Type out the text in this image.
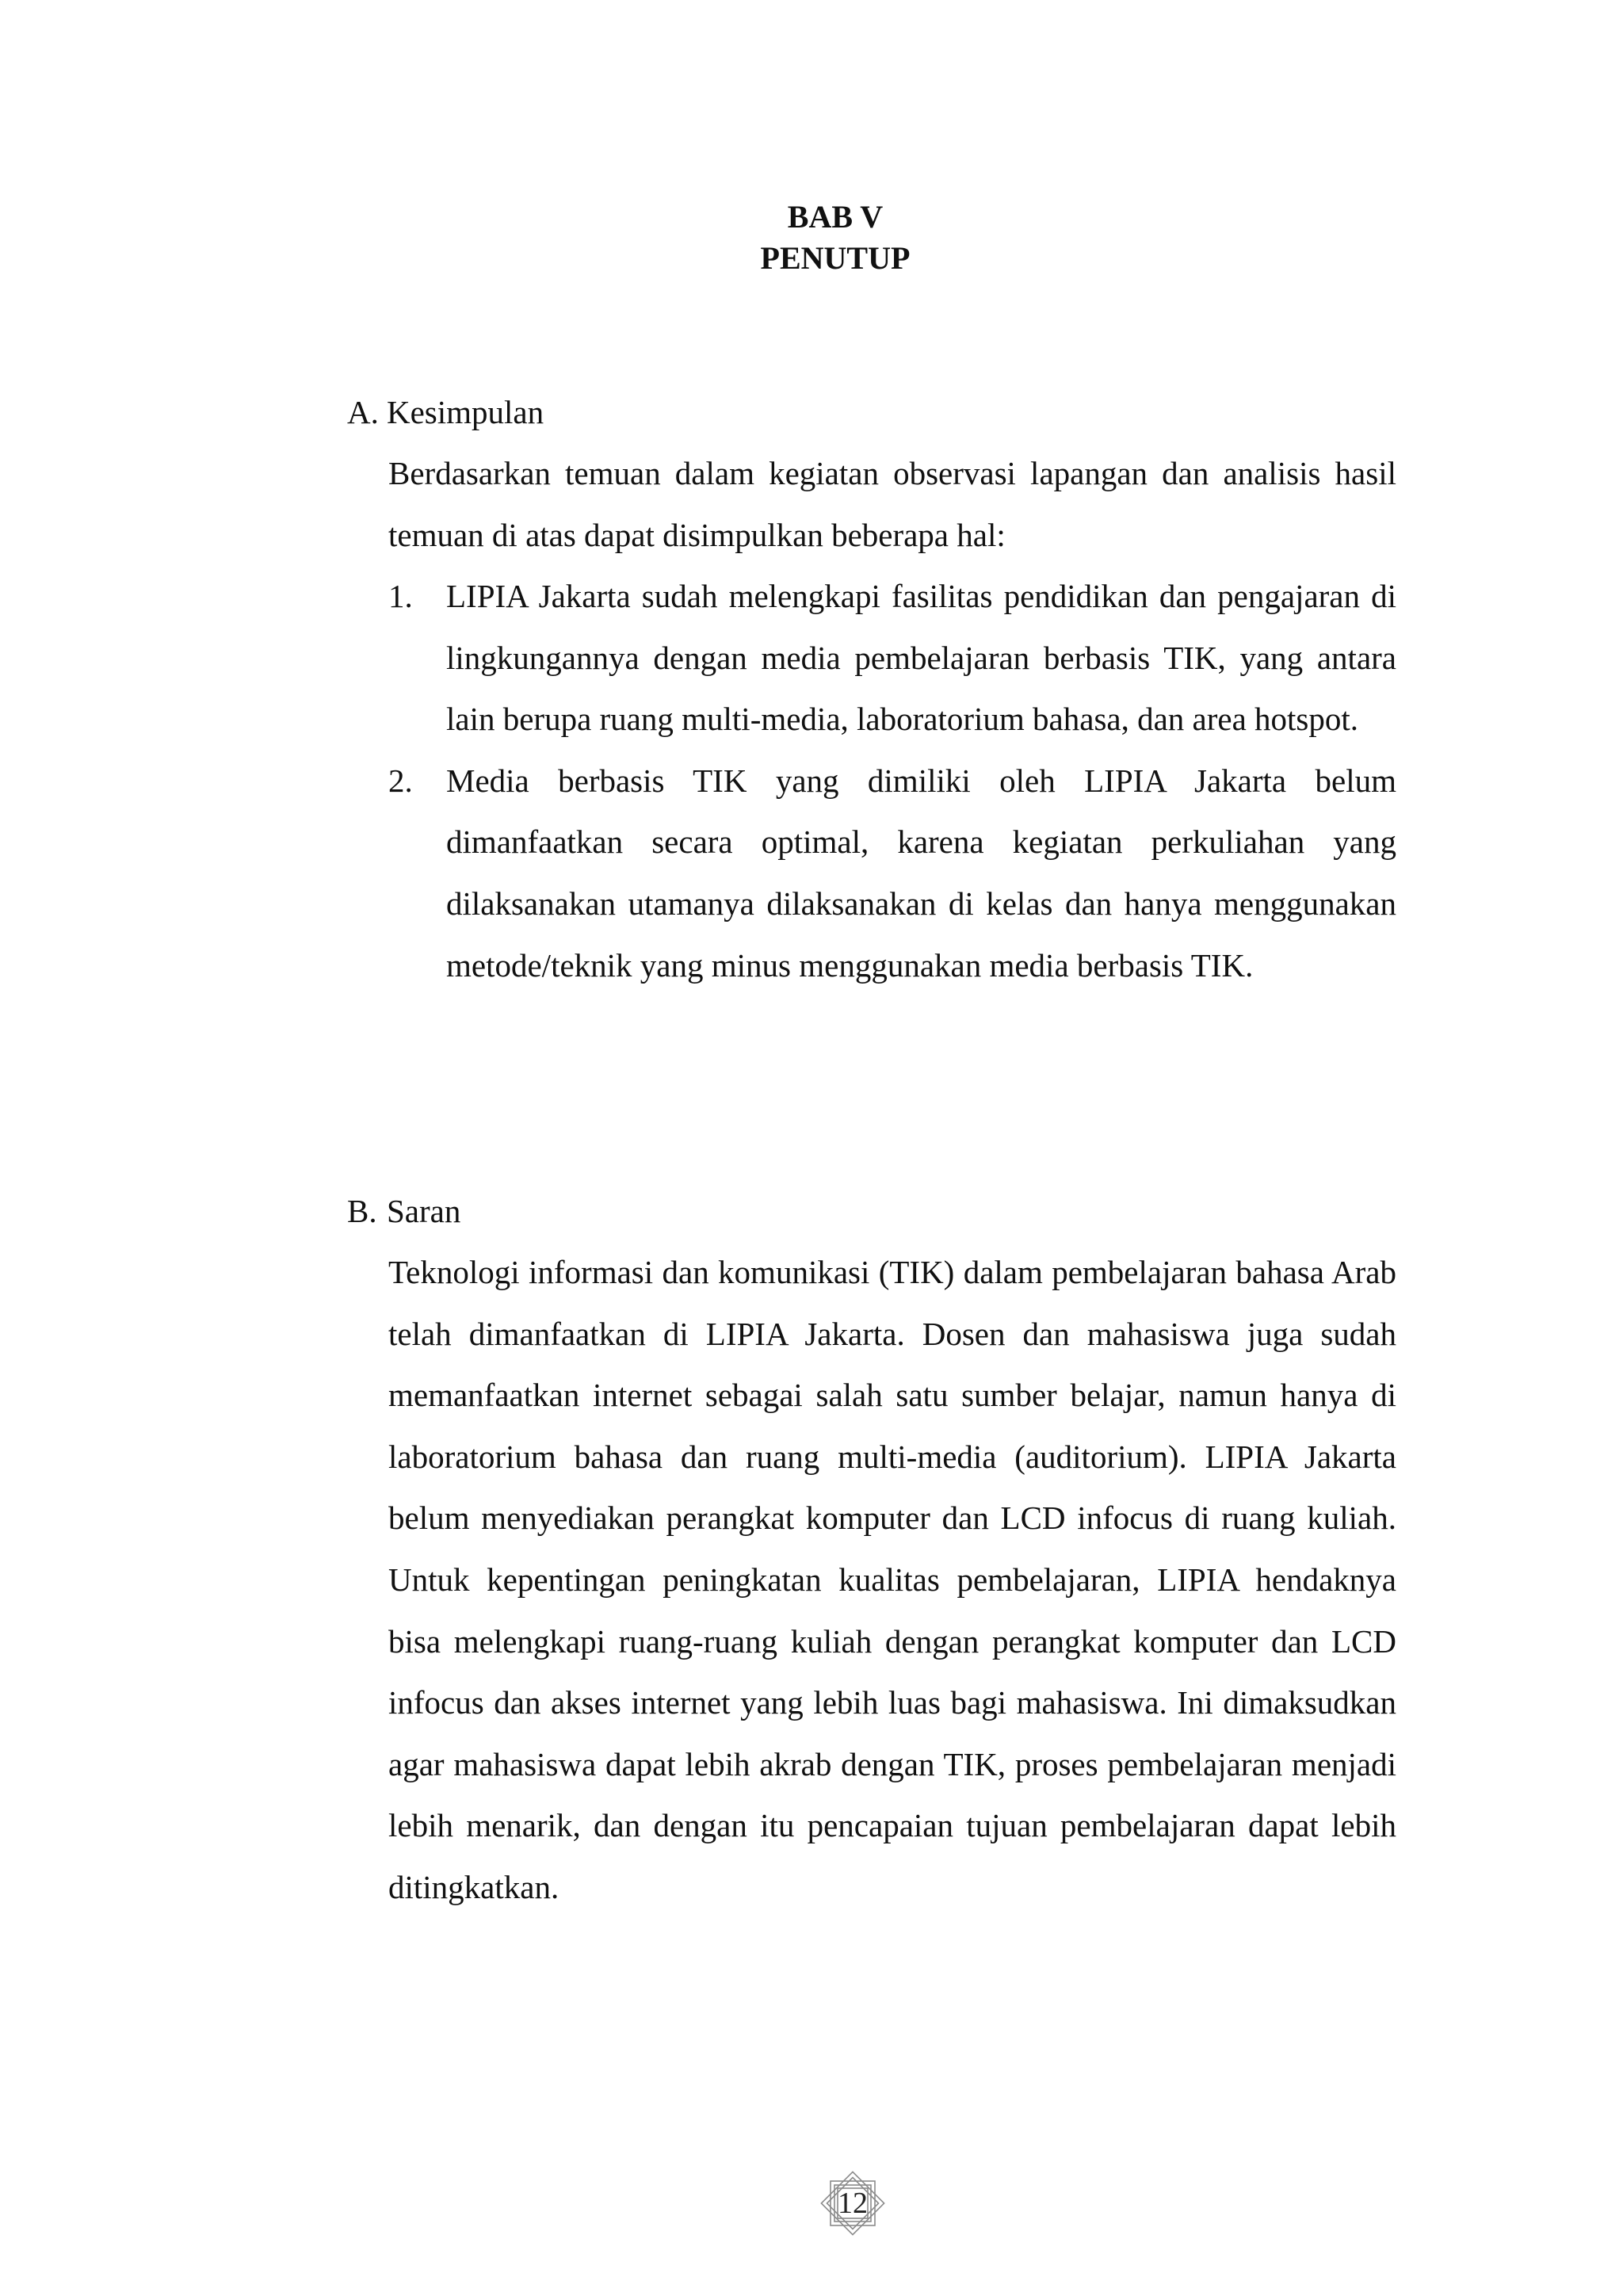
BAB V
PENUTUP
A. Kesimpulan

Berdasarkan temuan dalam kegiatan observasi lapangan dan analisis hasil temuan di atas dapat disimpulkan beberapa hal:

1. LIPIA Jakarta sudah melengkapi fasilitas pendidikan dan pengajaran di lingkungannya dengan media pembelajaran berbasis TIK, yang antara lain berupa ruang multi-media, laboratorium bahasa, dan area hotspot.
2. Media berbasis TIK yang dimiliki oleh LIPIA Jakarta belum dimanfaatkan secara optimal, karena kegiatan perkuliahan yang dilaksanakan utamanya dilaksanakan di kelas dan hanya menggunakan metode/teknik yang minus menggunakan media berbasis TIK.
B. Saran

Teknologi informasi dan komunikasi (TIK) dalam pembelajaran bahasa Arab telah dimanfaatkan di LIPIA Jakarta. Dosen dan mahasiswa juga sudah memanfaatkan internet sebagai salah satu sumber belajar, namun hanya di laboratorium bahasa dan ruang multi-media (auditorium). LIPIA Jakarta belum menyediakan perangkat komputer dan LCD infocus di ruang kuliah. Untuk kepentingan peningkatan kualitas pembelajaran, LIPIA hendaknya bisa melengkapi ruang-ruang kuliah dengan perangkat komputer dan LCD infocus dan akses internet yang lebih luas bagi mahasiswa. Ini dimaksudkan agar mahasiswa dapat lebih akrab dengan TIK, proses pembelajaran menjadi lebih menarik, dan dengan itu pencapaian tujuan pembelajaran dapat lebih ditingkatkan.

12
